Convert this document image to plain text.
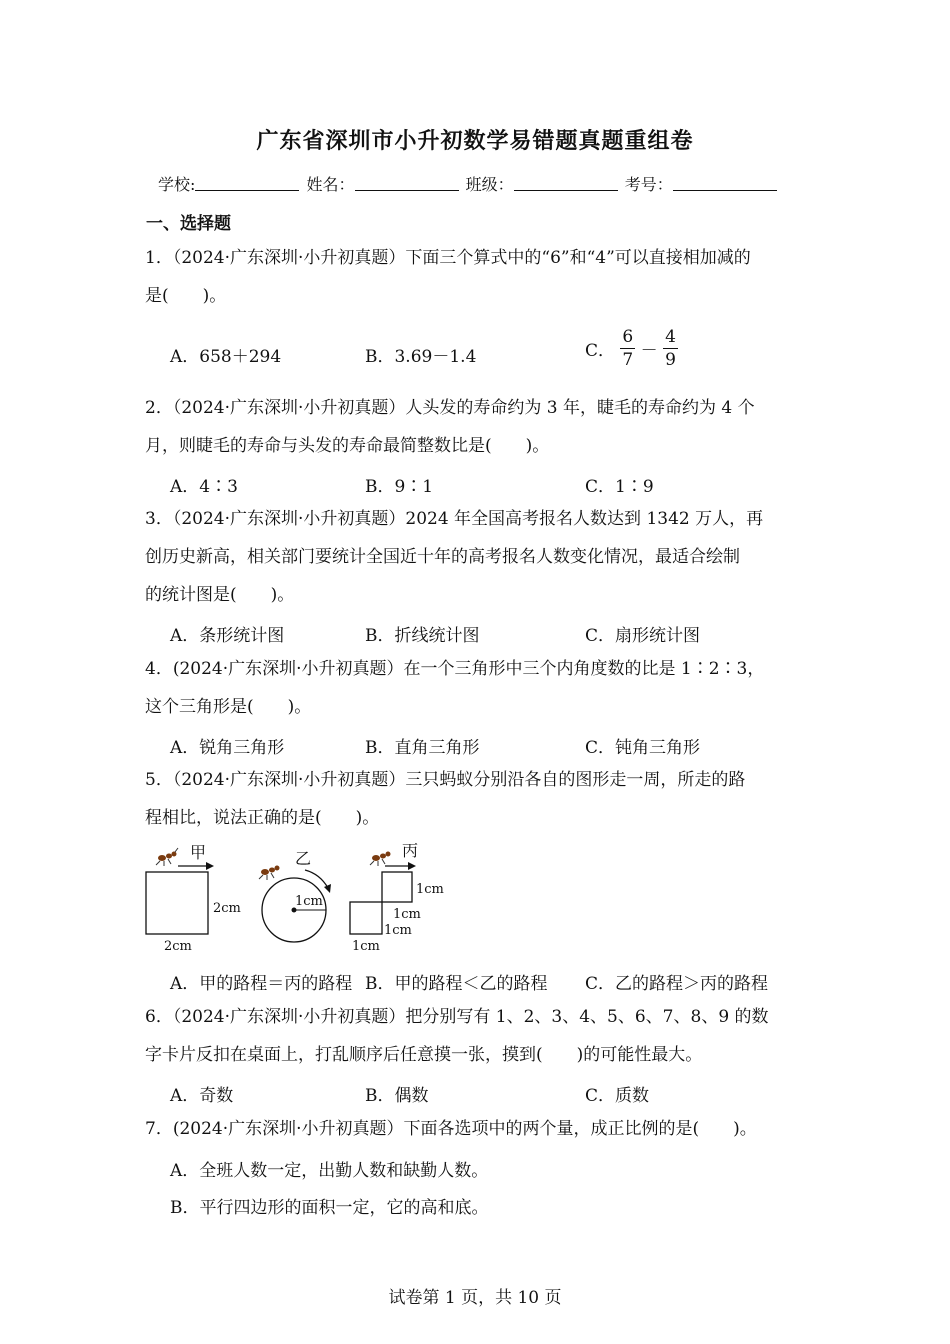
广东省深圳市小升初数学易错题真题重组卷
学校:	姓名：	班级：	考号：
一、选择题
1．（2024·广东深圳·小升初真题）下面三个算式中的“6”和“4”可以直接相加减的
是(　　)。
A．658＋294	B．3.69－1.4	C． $\frac{6}{7} - \frac{4}{9}$
2．（2024·广东深圳·小升初真题）人头发的寿命约为 3 年，睫毛的寿命约为 4 个
月，则睫毛的寿命与头发的寿命最简整数比是(　　)。
A．4∶3	B．9∶1	C．1∶9
3．（2024·广东深圳·小升初真题）2024 年全国高考报名人数达到 1342 万人，再
创历史新高，相关部门要统计全国近十年的高考报名人数变化情况，最适合绘制
的统计图是(　　)。
A．条形统计图	B．折线统计图	C．扇形统计图
4．(2024·广东深圳·小升初真题）在一个三角形中三个内角度数的比是 1∶2∶3，
这个三角形是(　　)。
A．锐角三角形	B．直角三角形	C．钝角三角形
5．（2024·广东深圳·小升初真题）三只蚂蚁分别沿各自的图形走一周，所走的路
程相比，说法正确的是(　　)。
甲
2cm
2cm
乙
1cm
丙
1cm
1cm
1cm
1cm
A．甲的路程＝丙的路程 B．甲的路程＜乙的路程 C．乙的路程＞丙的路程
6．（2024·广东深圳·小升初真题）把分别写有 1、2、3、4、5、6、7、8、9 的数
字卡片反扣在桌面上，打乱顺序后任意摸一张，摸到(　　)的可能性最大。
A．奇数	B．偶数	C．质数
7．(2024·广东深圳·小升初真题）下面各选项中的两个量，成正比例的是(　　)。
A．全班人数一定，出勤人数和缺勤人数。
B．平行四边形的面积一定，它的高和底。
试卷第 1 页，共 10 页
